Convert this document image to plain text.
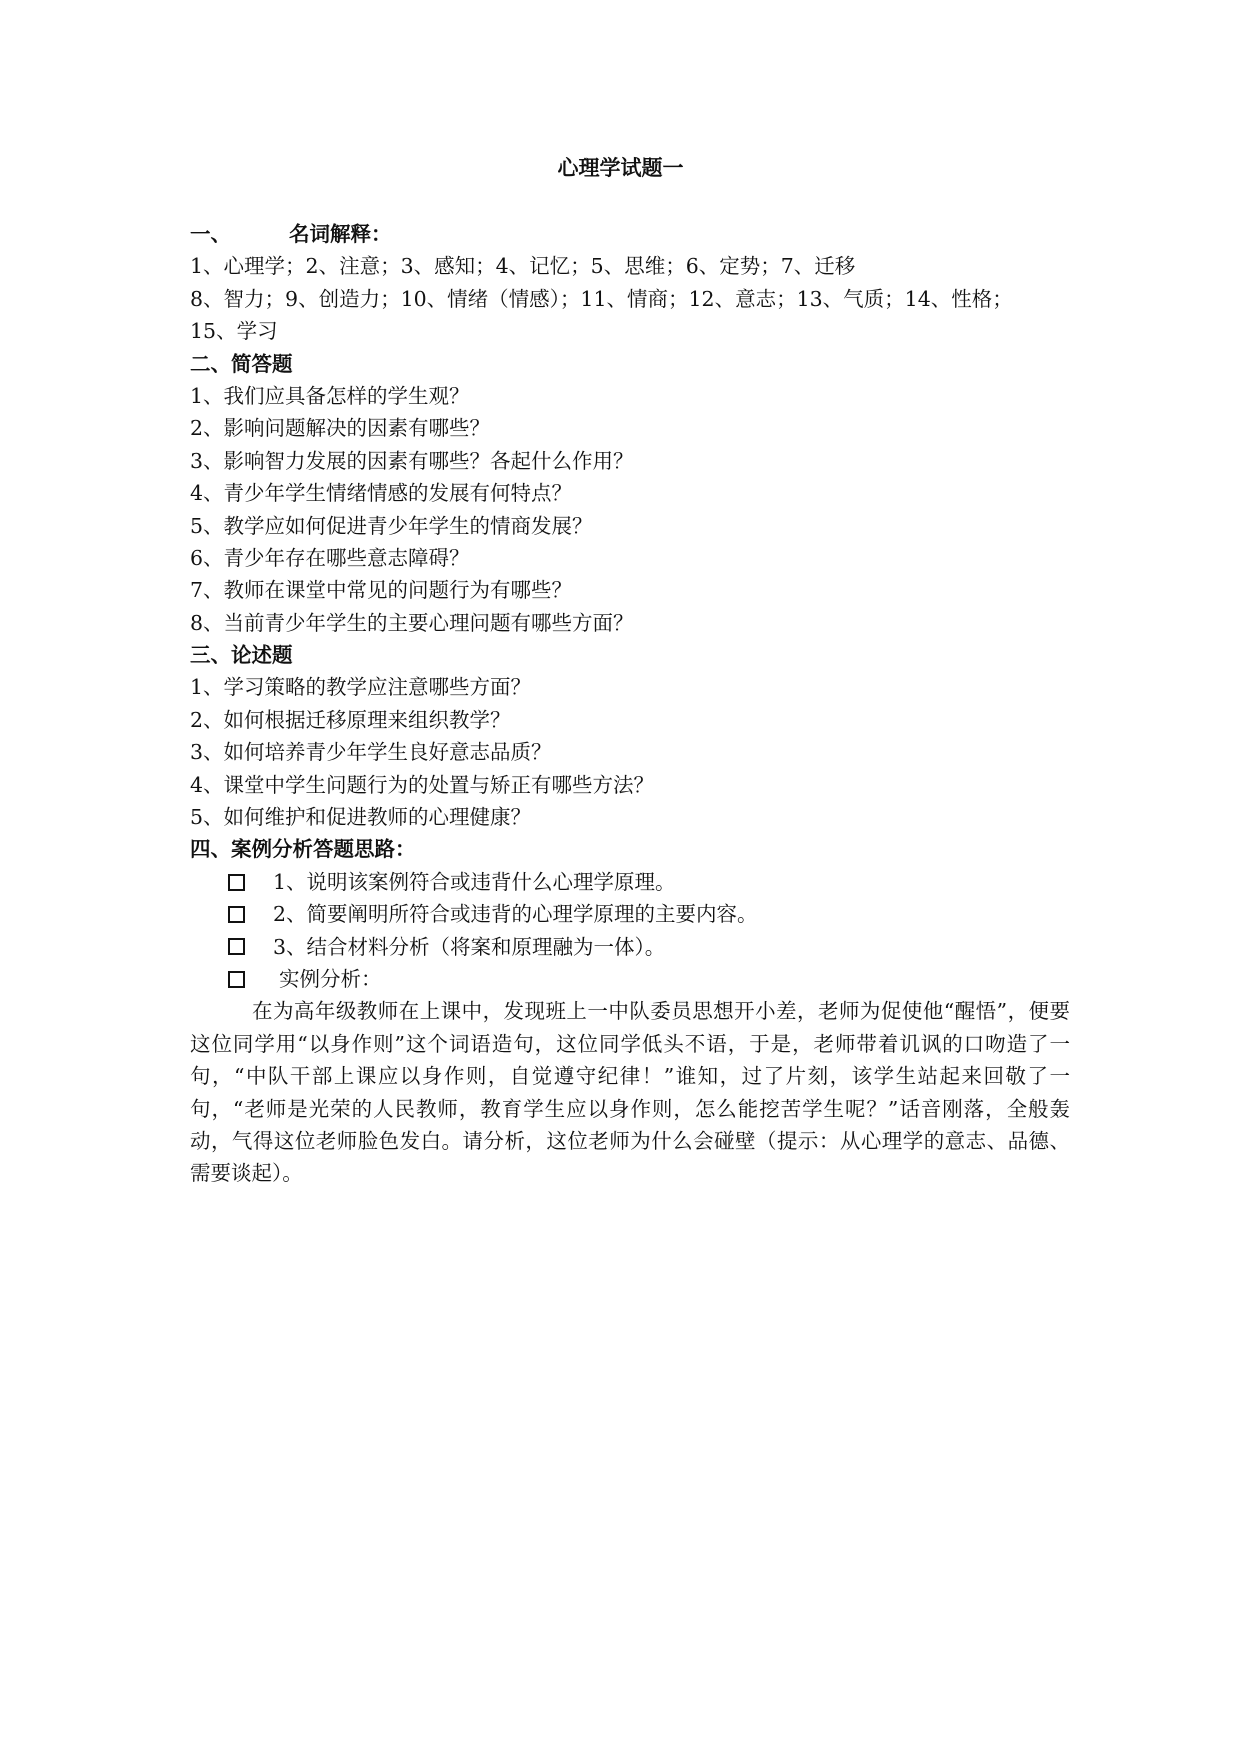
心理学试题一
一、	名词解释：
1、心理学；2、注意；3、感知；4、记忆；5、思维；6、定势；7、迁移
8、智力；9、创造力；10、情绪（情感）；11、情商；12、意志；13、气质；14、性格；
15、学习
二、简答题
1、我们应具备怎样的学生观？
2、影响问题解决的因素有哪些？
3、影响智力发展的因素有哪些？各起什么作用？
4、青少年学生情绪情感的发展有何特点？
5、教学应如何促进青少年学生的情商发展？
6、青少年存在哪些意志障碍？
7、教师在课堂中常见的问题行为有哪些？
8、当前青少年学生的主要心理问题有哪些方面？
三、论述题
1、学习策略的教学应注意哪些方面？
2、如何根据迁移原理来组织教学？
3、如何培养青少年学生良好意志品质？
4、课堂中学生问题行为的处置与矫正有哪些方法？
5、如何维护和促进教师的心理健康？
四、案例分析答题思路：
1、说明该案例符合或违背什么心理学原理。
2、简要阐明所符合或违背的心理学原理的主要内容。
3、结合材料分析（将案和原理融为一体）。
实例分析：
在为高年级教师在上课中，发现班上一中队委员思想开小差，老师为促使他“醒悟”，便要这位同学用“以身作则”这个词语造句，这位同学低头不语，于是，老师带着讥讽的口吻造了一句，“中队干部上课应以身作则，自觉遵守纪律！”谁知，过了片刻，该学生站起来回敬了一句，“老师是光荣的人民教师，教育学生应以身作则，怎么能挖苦学生呢？”话音刚落，全般轰动，气得这位老师脸色发白。请分析，这位老师为什么会碰壁（提示：从心理学的意志、品德、需要谈起）。
